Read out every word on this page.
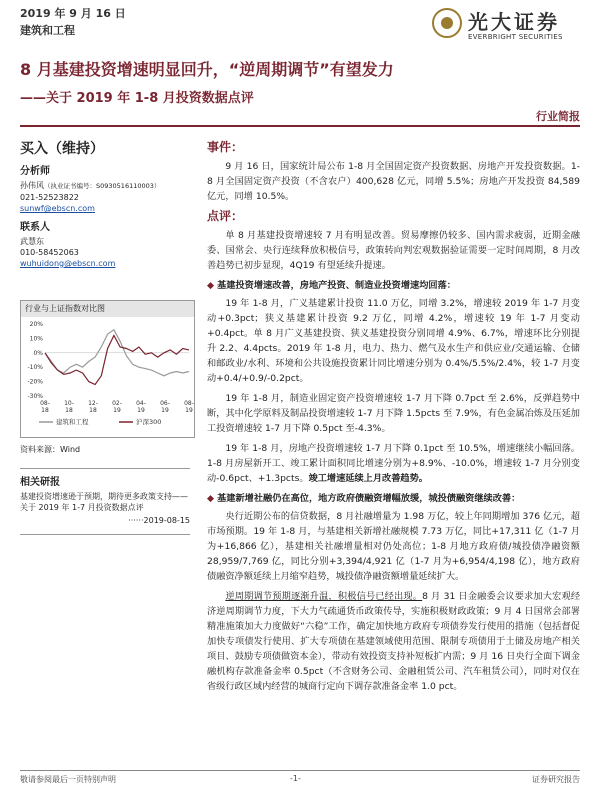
2019 年 9 月 16 日
建筑和工程	光大证券
EVERBRIGHT SECURITIES
8 月基建投资增速明显回升，“逆周期调节”有望发力
——关于 2019 年 1-8 月投资数据点评
行业简报
买入（维持）
分析师
孙伟风（执业证书编号：S0930516110003）
021-52523822
sunwf@ebscn.com
联系人
武慧东
010-58452063
wuhuidong@ebscn.com
行业与上证指数对比图
20%
10%
0%
-10%
-20%
-30%
08-
18
10-
18
12-
18
02-
19
04-
19
06-
19
08-
19
建筑和工程	沪深300
资料来源：Wind
相关研报
基建投资增速逊于预期，期待更多政策支持——关于 2019 年 1-7 月投资数据点评
······2019-08-15
事件：

9 月 16 日，国家统计局公布 1-8 月全国固定资产投资数据、房地产开发投资数据。1-8 月全国固定资产投资（不含农户）400,628 亿元，同增 5.5%；房地产开发投资 84,589 亿元，同增 10.5%。

点评：

单 8 月基建投资增速较 7 月有明显改善。贸易摩擦仍较多、国内需求疲弱，近期金融委、国常会、央行连续释放积极信号，政策转向判宏观数据验证需要一定时间周期，8 月改善趋势已初步显现，4Q19 有望延续升提速。

◆ 基建投资增速改善，房地产投资、制造业投资增速均回落：

19 年 1-8 月，广义基建累计投资 11.0 万亿，同增 3.2%，增速较 2019 年 1-7 月变动+0.3pct；狭义基建累计投资 9.2 万亿，同增 4.2%，增速较 19 年 1-7 月变动+0.4pct。单 8 月广义基建投资、狭义基建投资分别同增 4.9%、6.7%，增速环比分别提升 2.2、4.4pcts。2019 年 1-8 月，电力、热力、燃气及水生产和供应业/交通运输、仓储和邮政业/水利、环境和公共设施投资累计同比增速分别为 0.4%/5.5%/2.4%，较 1-7 月变动+0.4/+0.9/-0.2pct。

19 年 1-8 月，制造业固定资产投资增速较 1-7 月下降 0.7pct 至 2.6%，反弹趋势中断，其中化学原料及制品投资增速较 1-7 月下降 1.5pcts 至 7.9%，有色金属冶炼及压延加工投资增速较 1-7 月下降 0.5pct 至-4.3%。

19 年 1-8 月，房地产投资增速较 1-7 月下降 0.1pct 至 10.5%，增速继续小幅回落。1-8 月房屋新开工、竣工累计面积同比增速分别为+8.9%、-10.0%，增速较 1-7 月分别变动-0.6pct、+1.3pcts。竣工增速延续上月改善趋势。

◆ 基建新增社融仍在高位，地方政府债融资增幅放缓，城投债融资继续改善：

央行近期公布的信贷数据，8 月社融增量为 1.98 万亿，较上年同期增加 376 亿元，超市场预期。19 年 1-8 月，与基建相关新增社融规模 7.73 万亿，同比+17,311 亿（1-7 月为+16,866 亿），基建相关社融增量相对仍处高位；1-8 月地方政府债/城投债净融资额 28,959/7,769 亿，同比分别+3,394/4,921 亿（1-7 月为+6,954/4,198 亿），地方政府债融资净额延续上月缩窄趋势，城投债净融资额增量延续扩大。

逆周期调节预期逐渐升温，积极信号已经出现。8 月 31 日金融委会议要求加大宏观经济逆周期调节力度，下大力气疏通货币政策传导，实施积极财政政策；9 月 4 日国常会部署精准施策加大力度做好“六稳”工作，确定加快地方政府专项债券发行使用的措施（包括督促加快专项债发行使用、扩大专项债在基建领域使用范围、限制专项债用于土储及房地产相关项目、鼓励专项债做资本金），带动有效投资支持补短板扩内需；9 月 16 日央行全面下调金融机构存款准备金率 0.5pct（不含财务公司、金融租赁公司、汽车租赁公司），同时对仅在省级行政区域内经营的城商行定向下调存款准备金率 1.0 pct。

敬请参阅最后一页特别声明	-1-	证券研究报告
